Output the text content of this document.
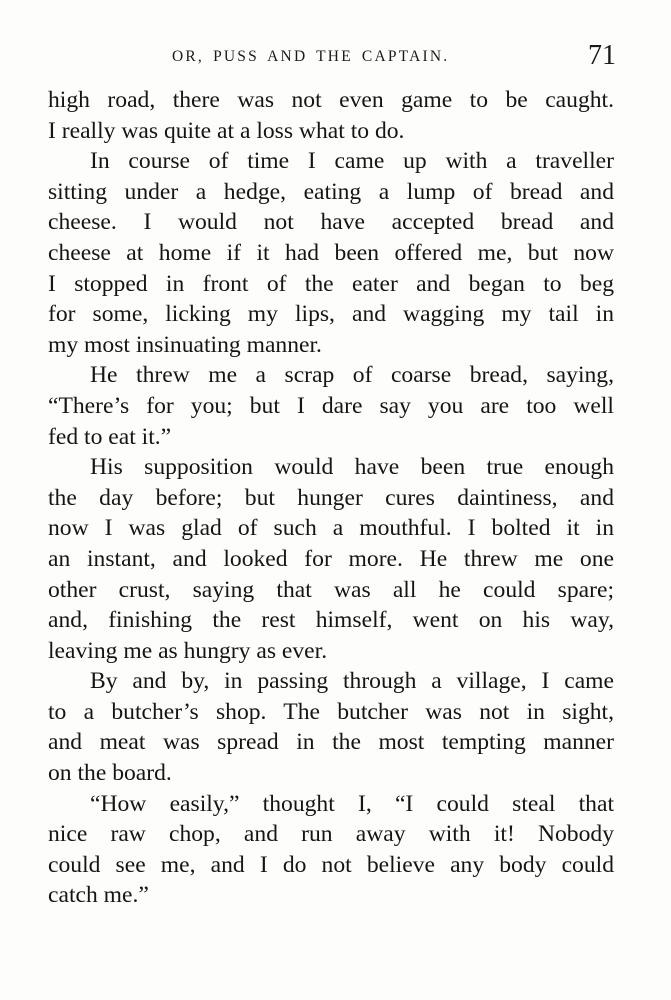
OR, PUSS AND THE CAPTAIN.	71
high road, there was not even game to be caught.
I really was quite at a loss what to do.
In course of time I came up with a traveller
sitting under a hedge, eating a lump of bread and
cheese. I would not have accepted bread and
cheese at home if it had been offered me, but now
I stopped in front of the eater and began to beg
for some, licking my lips, and wagging my tail in
my most insinuating manner.
He threw me a scrap of coarse bread, saying,
“There’s for you; but I dare say you are too well
fed to eat it.”
His supposition would have been true enough
the day before; but hunger cures daintiness, and
now I was glad of such a mouthful. I bolted it in
an instant, and looked for more. He threw me one
other crust, saying that was all he could spare;
and, finishing the rest himself, went on his way,
leaving me as hungry as ever.
By and by, in passing through a village, I came
to a butcher’s shop. The butcher was not in sight,
and meat was spread in the most tempting manner
on the board.
“How easily,” thought I, “I could steal that
nice raw chop, and run away with it! Nobody
could see me, and I do not believe any body could
catch me.”
